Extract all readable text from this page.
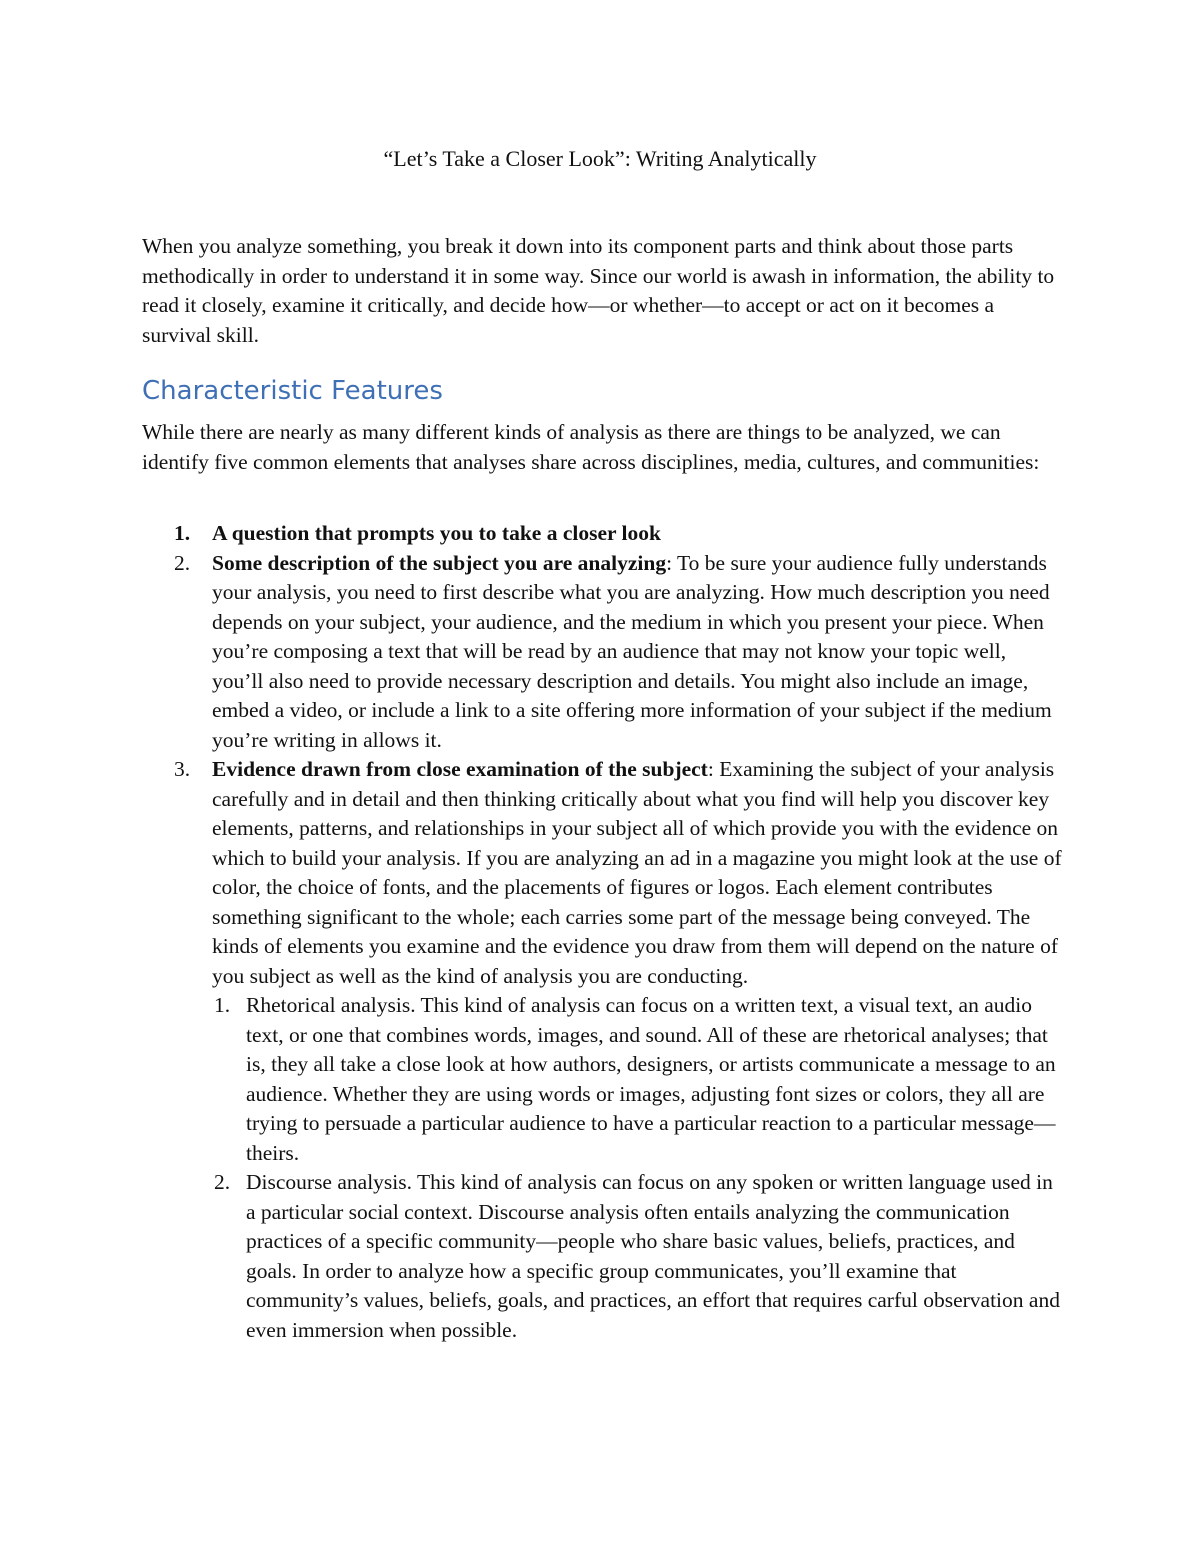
“Let’s Take a Closer Look”: Writing Analytically

When you analyze something, you break it down into its component parts and think about those parts methodically in order to understand it in some way. Since our world is awash in information, the ability to read it closely, examine it critically, and decide how—or whether—to accept or act on it becomes a survival skill.

Characteristic Features

While there are nearly as many different kinds of analysis as there are things to be analyzed, we can identify five common elements that analyses share across disciplines, media, cultures, and communities:

1. A question that prompts you to take a closer look
2. Some description of the subject you are analyzing: To be sure your audience fully understands your analysis, you need to first describe what you are analyzing. How much description you need depends on your subject, your audience, and the medium in which you present your piece. When you’re composing a text that will be read by an audience that may not know your topic well, you’ll also need to provide necessary description and details. You might also include an image, embed a video, or include a link to a site offering more information of your subject if the medium you’re writing in allows it.
3. Evidence drawn from close examination of the subject: Examining the subject of your analysis carefully and in detail and then thinking critically about what you find will help you discover key elements, patterns, and relationships in your subject all of which provide you with the evidence on which to build your analysis. If you are analyzing an ad in a magazine you might look at the use of color, the choice of fonts, and the placements of figures or logos. Each element contributes something significant to the whole; each carries some part of the message being conveyed. The kinds of elements you examine and the evidence you draw from them will depend on the nature of you subject as well as the kind of analysis you are conducting.
1. Rhetorical analysis. This kind of analysis can focus on a written text, a visual text, an audio text, or one that combines words, images, and sound. All of these are rhetorical analyses; that is, they all take a close look at how authors, designers, or artists communicate a message to an audience. Whether they are using words or images, adjusting font sizes or colors, they all are trying to persuade a particular audience to have a particular reaction to a particular message—theirs.
2. Discourse analysis. This kind of analysis can focus on any spoken or written language used in a particular social context. Discourse analysis often entails analyzing the communication practices of a specific community—people who share basic values, beliefs, practices, and goals. In order to analyze how a specific group communicates, you’ll examine that community’s values, beliefs, goals, and practices, an effort that requires carful observation and even immersion when possible.
